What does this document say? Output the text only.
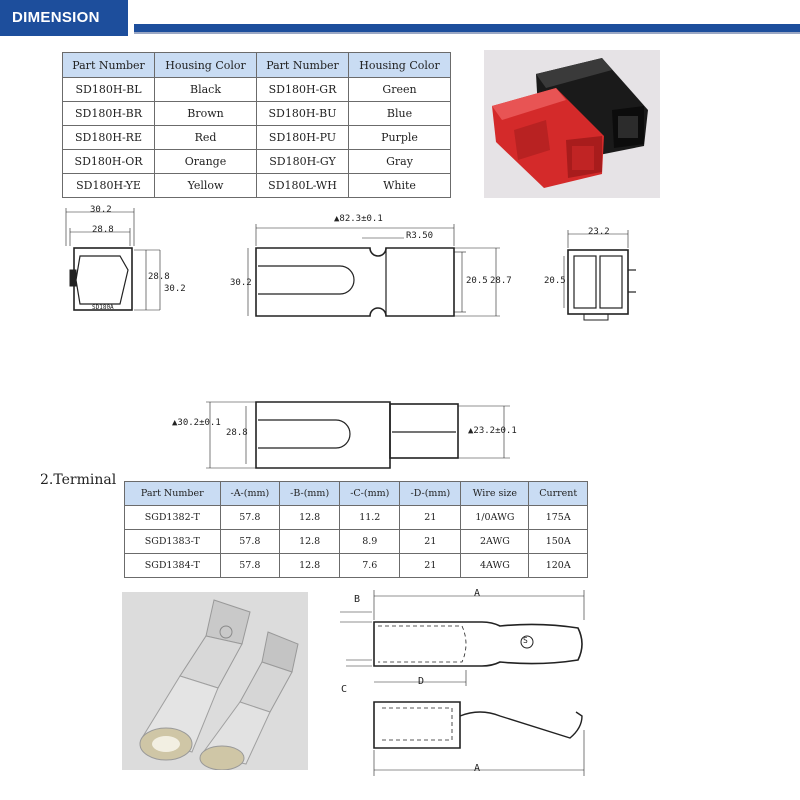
DIMENSION
Part Number	Housing Color	Part Number	Housing Color
SD180H-BL	Black	SD180H-GR	Green
SD180H-BR	Brown	SD180H-BU	Blue
SD180H-RE	Red	SD180H-PU	Purple
SD180H-OR	Orange	SD180H-GY	Gray
SD180H-YE	Yellow	SD180L-WH	White
30.2
28.8
28.8
30.2
SD180A
▲82.3±0.1
R3.50
30.2	20.5 28.7
23.2
20.5
▲30.2±0.1
28.8	▲23.2±0.1
2.Terminal
Part Number	-A-(mm)	-B-(mm)	-C-(mm)	-D-(mm)	Wire size	Current
SGD1382-T	57.8	12.8	11.2	21	1/0AWG	175A
SGD1383-T	57.8	12.8	8.9	21	2AWG	150A
SGD1384-T	57.8	12.8	7.6	21	4AWG	120A
A
B
C
D
S
A
